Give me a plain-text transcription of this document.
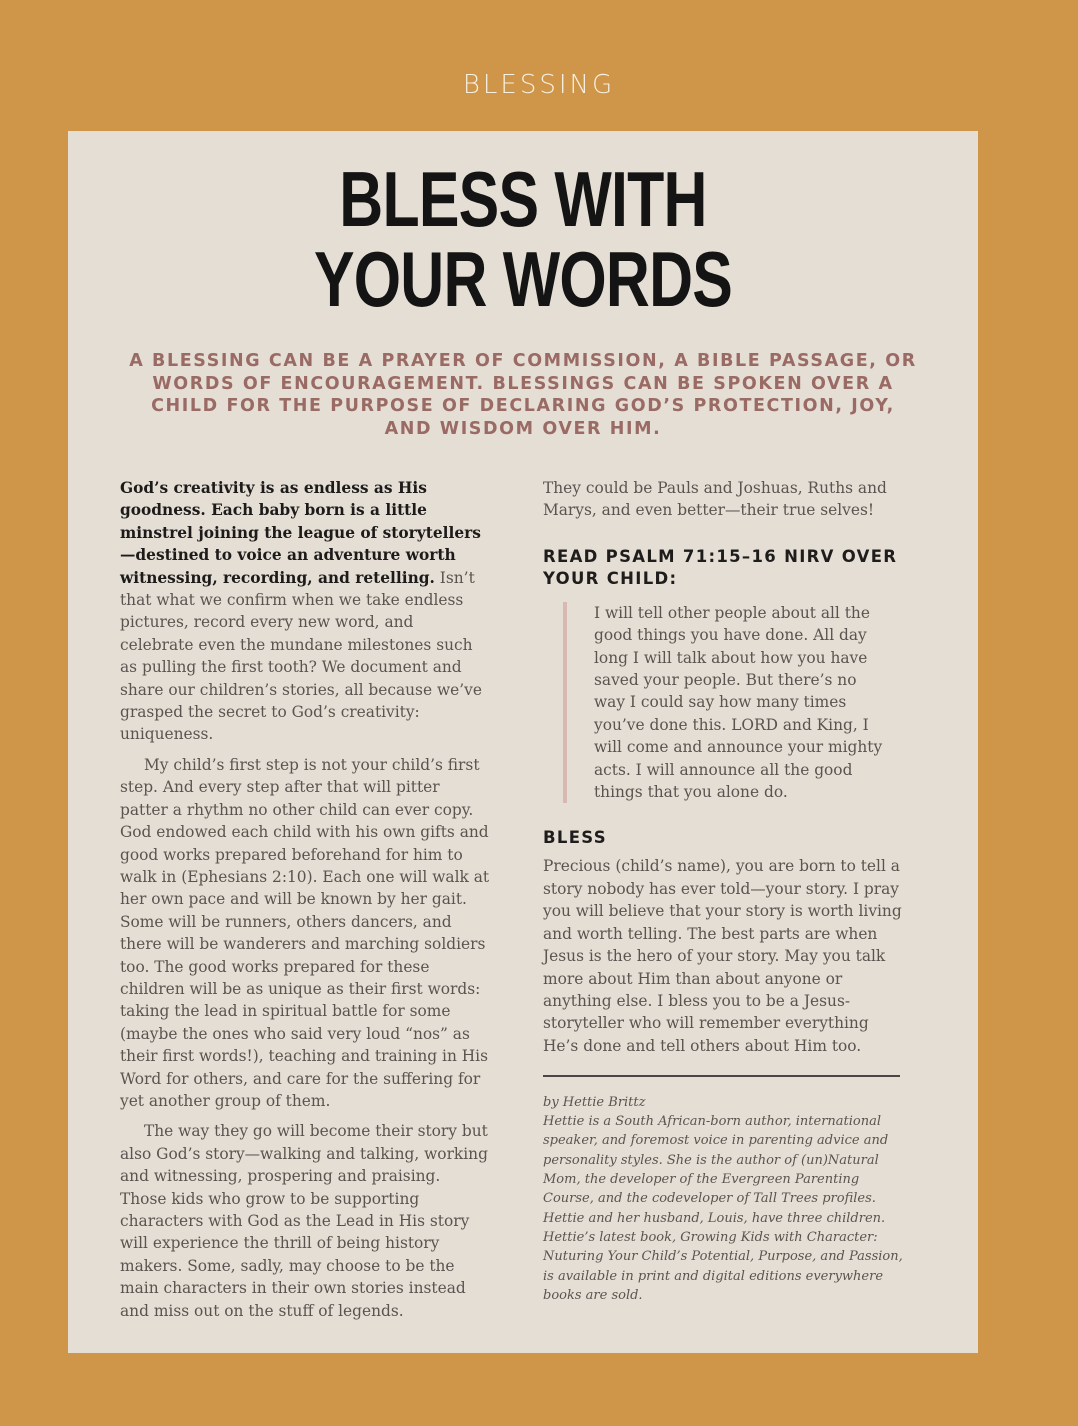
BLESSING
BLESS WITH
YOUR WORDS
A BLESSING CAN BE A PRAYER OF COMMISSION, A BIBLE PASSAGE, OR WORDS OF ENCOURAGEMENT. BLESSINGS CAN BE SPOKEN OVER A CHILD FOR THE PURPOSE OF DECLARING GOD’S PROTECTION, JOY, AND WISDOM OVER HIM.

God’s creativity is as endless as His goodness. Each baby born is a little minstrel joining the league of storytellers—destined to voice an adventure worth witnessing, recording, and retelling. Isn’t that what we confirm when we take endless pictures, record every new word, and celebrate even the mundane milestones such as pulling the first tooth? We document and share our children’s stories, all because we’ve grasped the secret to God’s creativity: uniqueness.

My child’s first step is not your child’s first step. And every step after that will pitter patter a rhythm no other child can ever copy. God endowed each child with his own gifts and good works prepared beforehand for him to walk in (Ephesians 2:10). Each one will walk at her own pace and will be known by her gait. Some will be runners, others dancers, and there will be wanderers and marching soldiers too. The good works prepared for these children will be as unique as their first words: taking the lead in spiritual battle for some (maybe the ones who said very loud “nos” as their first words!), teaching and training in His Word for others, and care for the suffering for yet another group of them.

The way they go will become their story but also God’s story—walking and talking, working and witnessing, prospering and praising. Those kids who grow to be supporting characters with God as the Lead in His story will experience the thrill of being history makers. Some, sadly, may choose to be the main characters in their own stories instead and miss out on the stuff of legends.

They could be Pauls and Joshuas, Ruths and Marys, and even better—their true selves!

READ PSALM 71:15–16 NIRV OVER YOUR CHILD:
I will tell other people about all the good things you have done. All day long I will talk about how you have saved your people. But there’s no way I could say how many times you’ve done this. LORD and King, I will come and announce your mighty acts. I will announce all the good things that you alone do.
BLESS

Precious (child’s name), you are born to tell a story nobody has ever told—your story. I pray you will believe that your story is worth living and worth telling. The best parts are when Jesus is the hero of your story. May you talk more about Him than about anyone or anything else. I bless you to be a Jesus-storyteller who will remember everything He’s done and tell others about Him too.

by Hettie Brittz

Hettie is a South African-born author, international speaker, and foremost voice in parenting advice and personality styles. She is the author of (un)Natural Mom, the developer of the Evergreen Parenting Course, and the codeveloper of Tall Trees profiles. Hettie and her husband, Louis, have three children. Hettie’s latest book, Growing Kids with Character: Nuturing Your Child’s Potential, Purpose, and Passion, is available in print and digital editions everywhere books are sold.
